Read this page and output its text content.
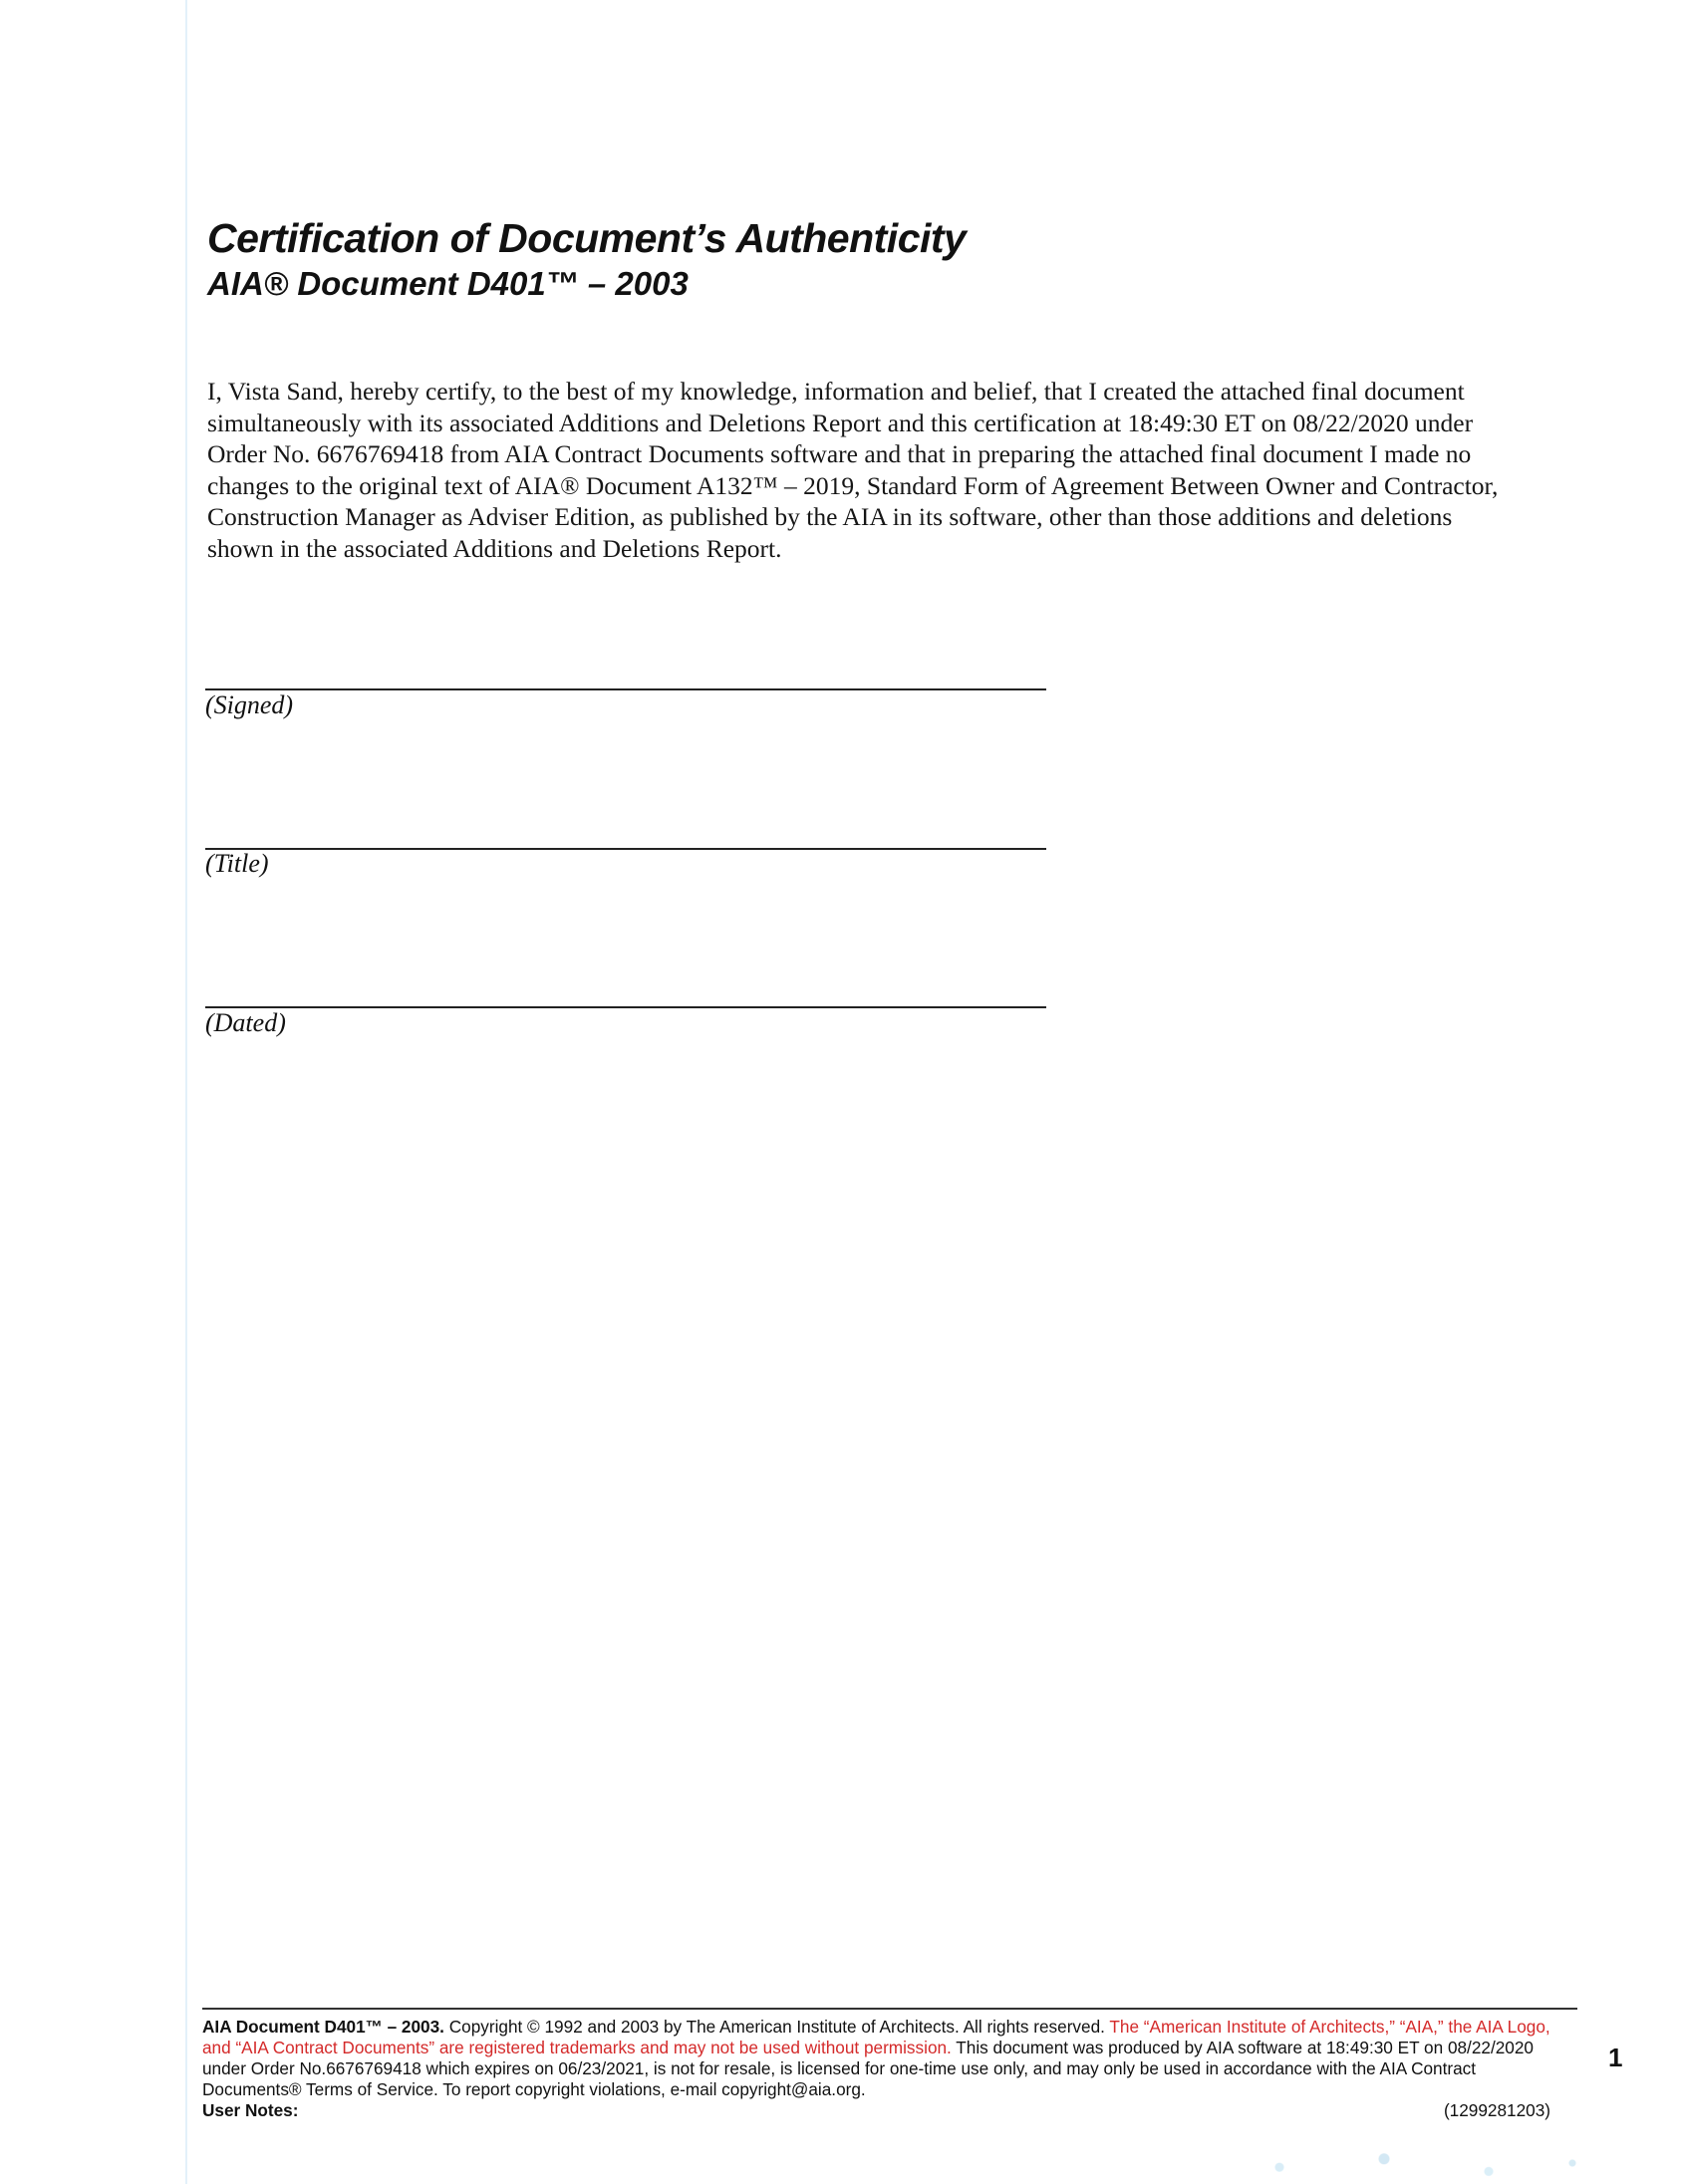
Certification of Document’s Authenticity
AIA® Document D401™ – 2003

I, Vista Sand, hereby certify, to the best of my knowledge, information and belief, that I created the attached final document simultaneously with its associated Additions and Deletions Report and this certification at 18:49:30 ET on 08/22/2020 under Order No. 6676769418 from AIA Contract Documents software and that in preparing the attached final document I made no changes to the original text of AIA® Document A132™ – 2019, Standard Form of Agreement Between Owner and Contractor, Construction Manager as Adviser Edition, as published by the AIA in its software, other than those additions and deletions shown in the associated Additions and Deletions Report.

(Signed)
(Title)
(Dated)

AIA Document D401™ – 2003. Copyright © 1992 and 2003 by The American Institute of Architects. All rights reserved. The “American Institute of Architects,” “AIA,” the AIA Logo, and “AIA Contract Documents” are registered trademarks and may not be used without permission. This document was produced by AIA software at 18:49:30 ET on 08/22/2020 under Order No.6676769418 which expires on 06/23/2021, is not for resale, is licensed for one-time use only, and may only be used in accordance with the AIA Contract Documents® Terms of Service. To report copyright violations, e-mail copyright@aia.org.

User Notes:	(1299281203)
1
